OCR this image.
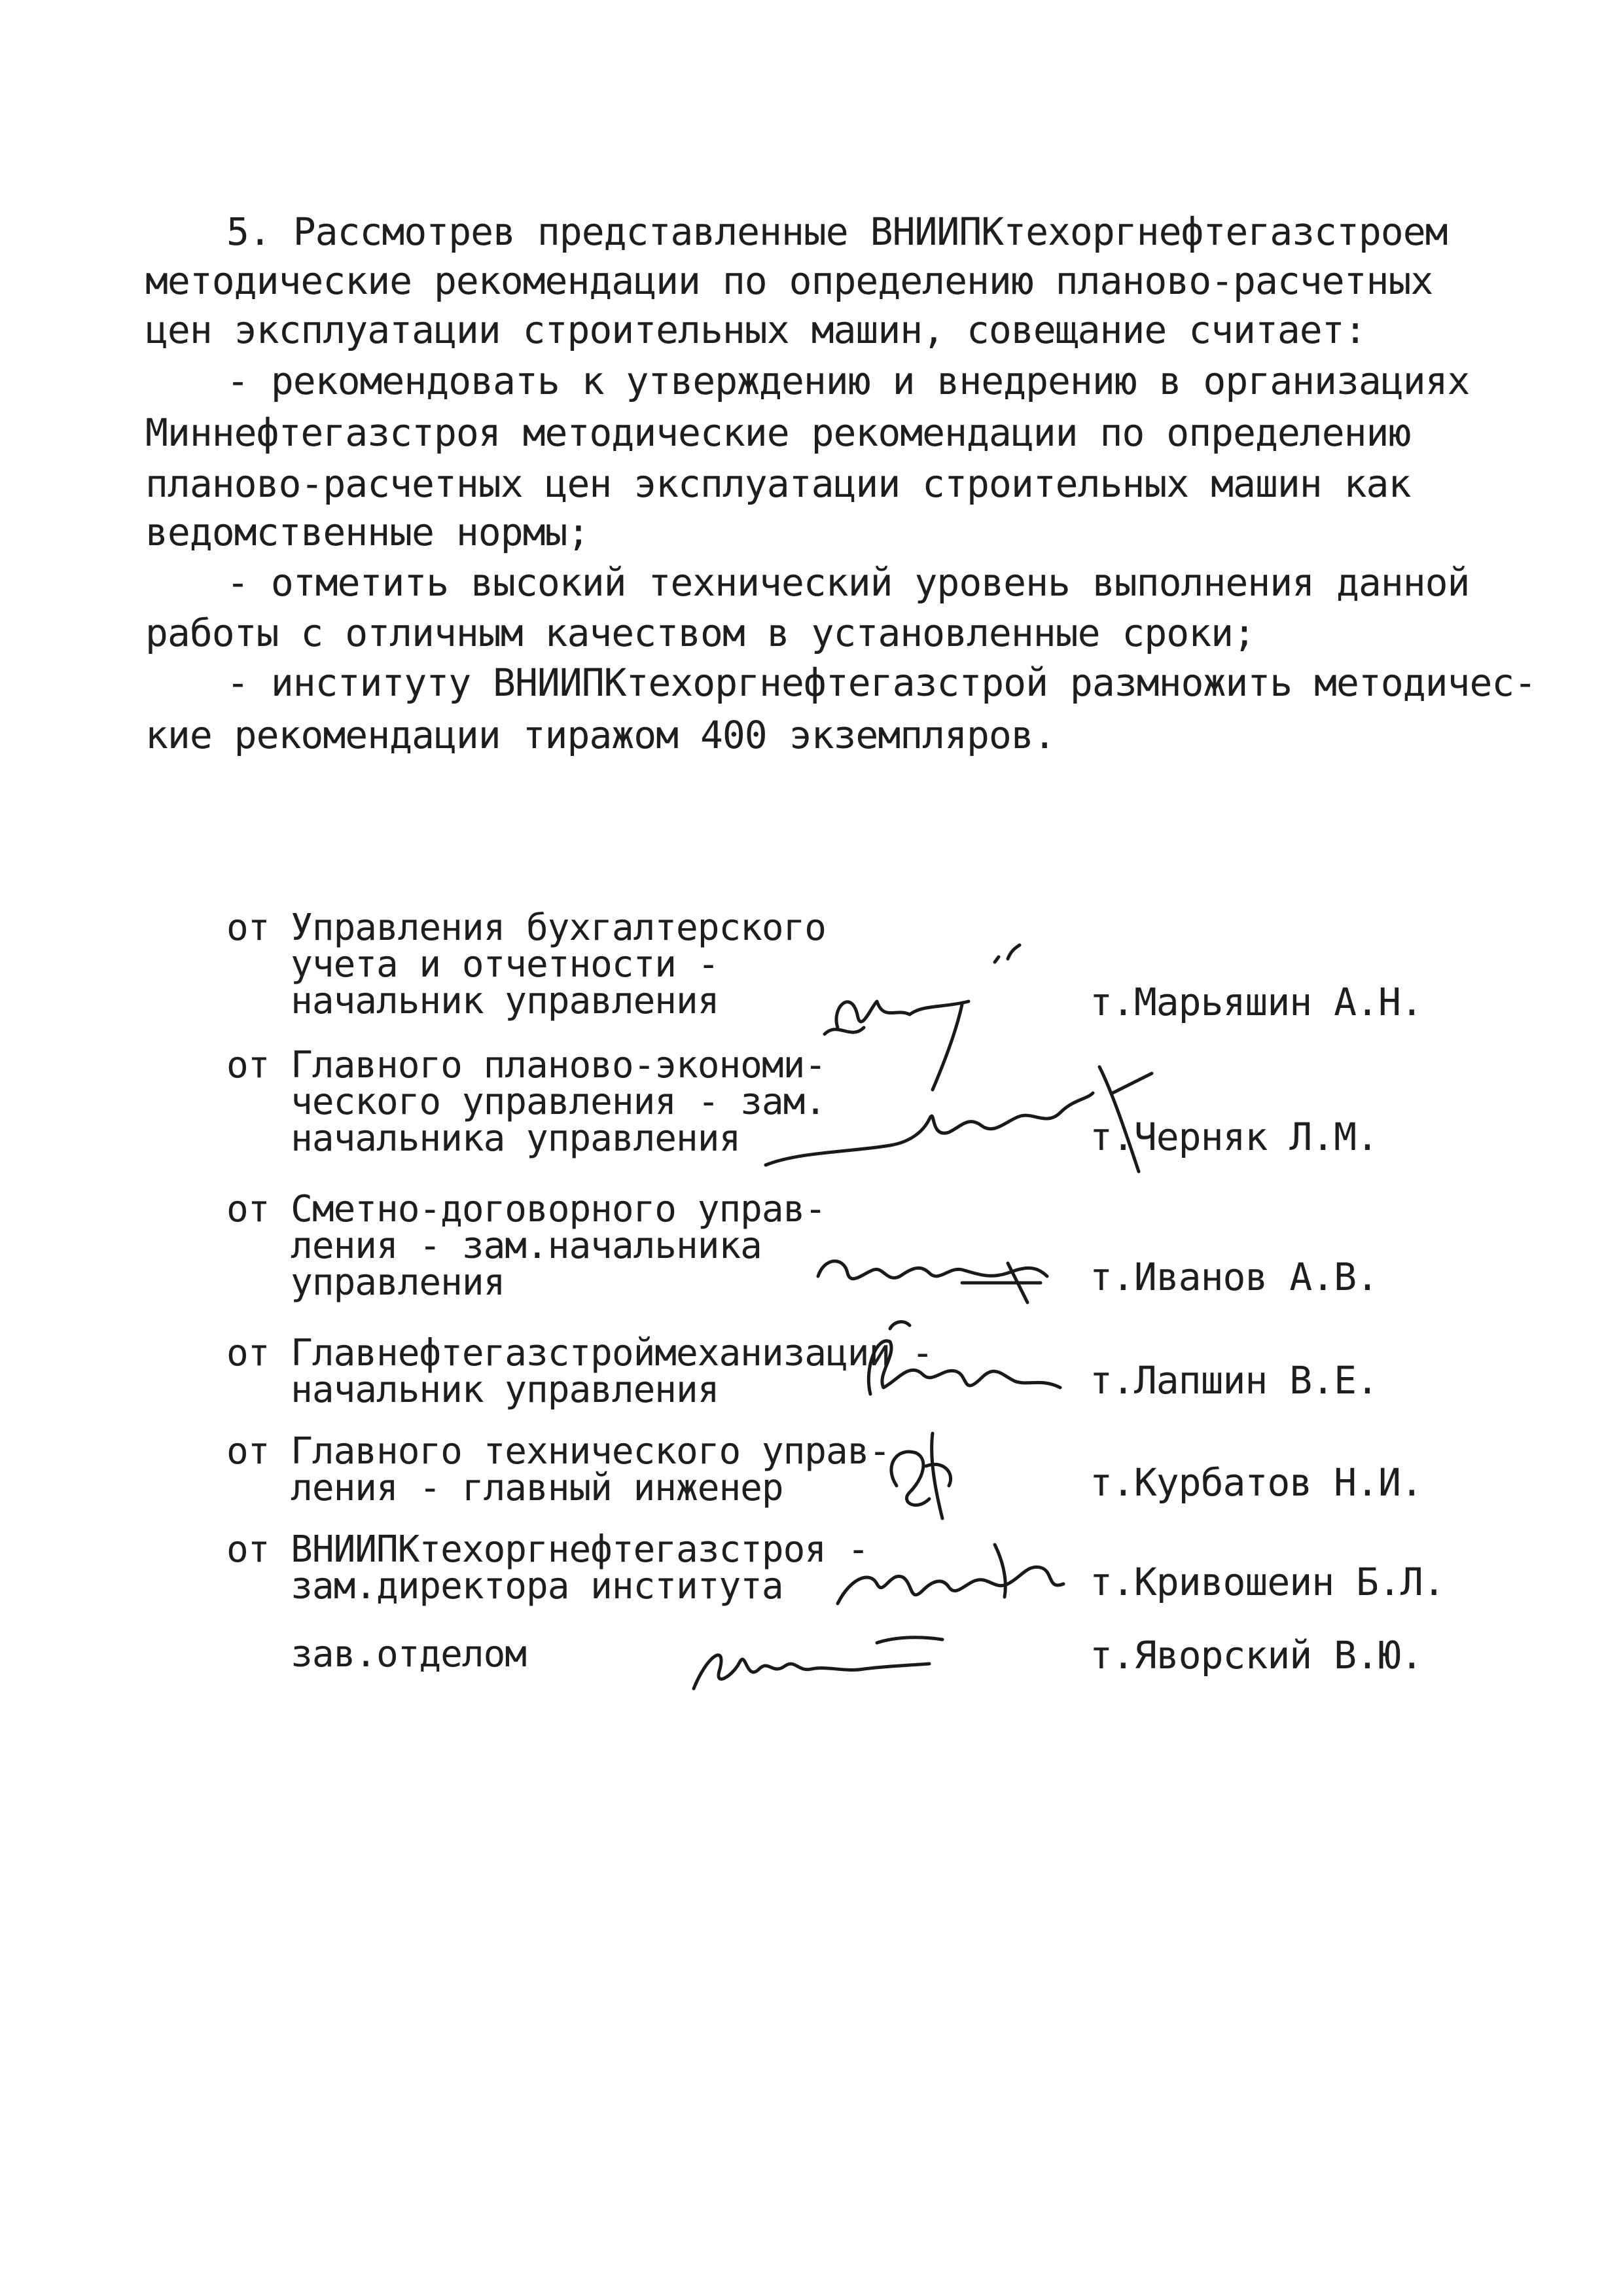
5. Рассмотрев представленные ВНИИПКтехоргнефтегазстроем
методические рекомендации по определению планово-расчетных
цен эксплуатации строительных машин, совещание считает:
- рекомендовать к утверждению и внедрению в организациях
Миннефтегазстроя методические рекомендации по определению
планово-расчетных цен эксплуатации строительных машин как
ведомственные нормы;
- отметить высокий технический уровень выполнения данной
работы с отличным качеством в установленные сроки;
- институту ВНИИПКтехоргнефтегазстрой размножить методичес-
кие рекомендации тиражом 400 экземпляров.
от Управления бухгалтерского
учета и отчетности -
начальник управления	т.Марьяшин А.Н.
от Главного планово-экономи-
ческого управления - зам.
начальника управления	т.Черняк Л.М.
от Сметно-договорного управ-
ления - зам.начальника
управления	т.Иванов А.В.
от Главнефтегазстроймеханизации -
начальник управления	т.Лапшин В.Е.
от Главного технического управ-
ления - главный инженер	т.Курбатов Н.И.
от ВНИИПКтехоргнефтегазстроя -
зам.директора института	т.Кривошеин Б.Л.
зав.отделом	т.Яворский В.Ю.
